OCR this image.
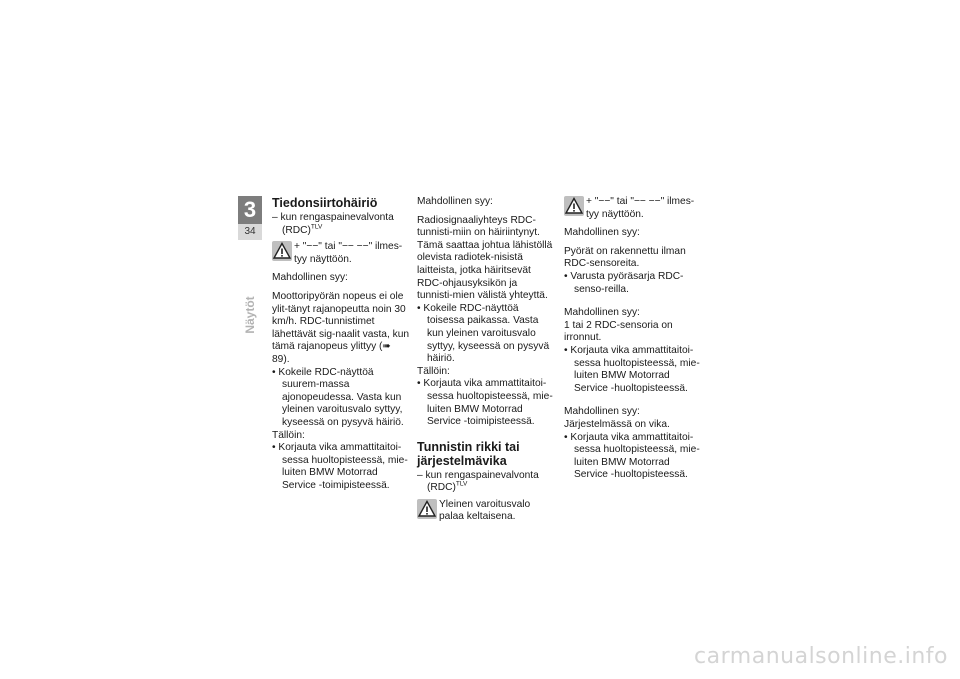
3
34
Näytöt

Tiedonsiirtohäiriö

– kun rengaspainevalvonta (RDC)$^{TLV}$

+ "−−" tai "−− −−" ilmes-tyy näyttöön.

Mahdollinen syy:

Moottoripyörän nopeus ei ole ylit-tänyt rajanopeutta noin 30 km/h. RDC-tunnistimet lähettävät sig-naalit vasta, kun tämä rajanopeus ylittyy (➠ 89).

• Kokeile RDC-näyttöä suurem-massa ajonopeudessa. Vasta kun yleinen varoitusvalo syttyy, kyseessä on pysyvä häiriö.

Tällöin:

• Korjauta vika ammattitaitoi-sessa huoltopisteessä, mie-luiten BMW Motorrad Service -toimipisteessä.

Mahdollinen syy:

Radiosignaaliyhteys RDC-tunnisti-miin on häiriintynyt. Tämä saattaa johtua lähistöllä olevista radiotek-nisistä laitteista, jotka häiritsevät RDC-ohjausyksikön ja tunnisti-mien välistä yhteyttä.

• Kokeile RDC-näyttöä toisessa paikassa. Vasta kun yleinen varoitusvalo syttyy, kyseessä on pysyvä häiriö.

Tällöin:

• Korjauta vika ammattitaitoi-sessa huoltopisteessä, mie-luiten BMW Motorrad Service -toimipisteessä.

Tunnistin rikki tai järjestelmävika

– kun rengaspainevalvonta (RDC)$^{TLV}$

Yleinen varoitusvalo palaa keltaisena.

+ "−−" tai "−− −−" ilmes-tyy näyttöön.

Mahdollinen syy:

Pyörät on rakennettu ilman RDC-sensoreita.

• Varusta pyöräsarja RDC-senso-reilla.

Mahdollinen syy:

1 tai 2 RDC-sensoria on irronnut.

• Korjauta vika ammattitaitoi-sessa huoltopisteessä, mie-luiten BMW Motorrad Service -huoltopisteessä.

Mahdollinen syy:

Järjestelmässä on vika.

• Korjauta vika ammattitaitoi-sessa huoltopisteessä, mie-luiten BMW Motorrad Service -huoltopisteessä.

carmanualsonline.info
